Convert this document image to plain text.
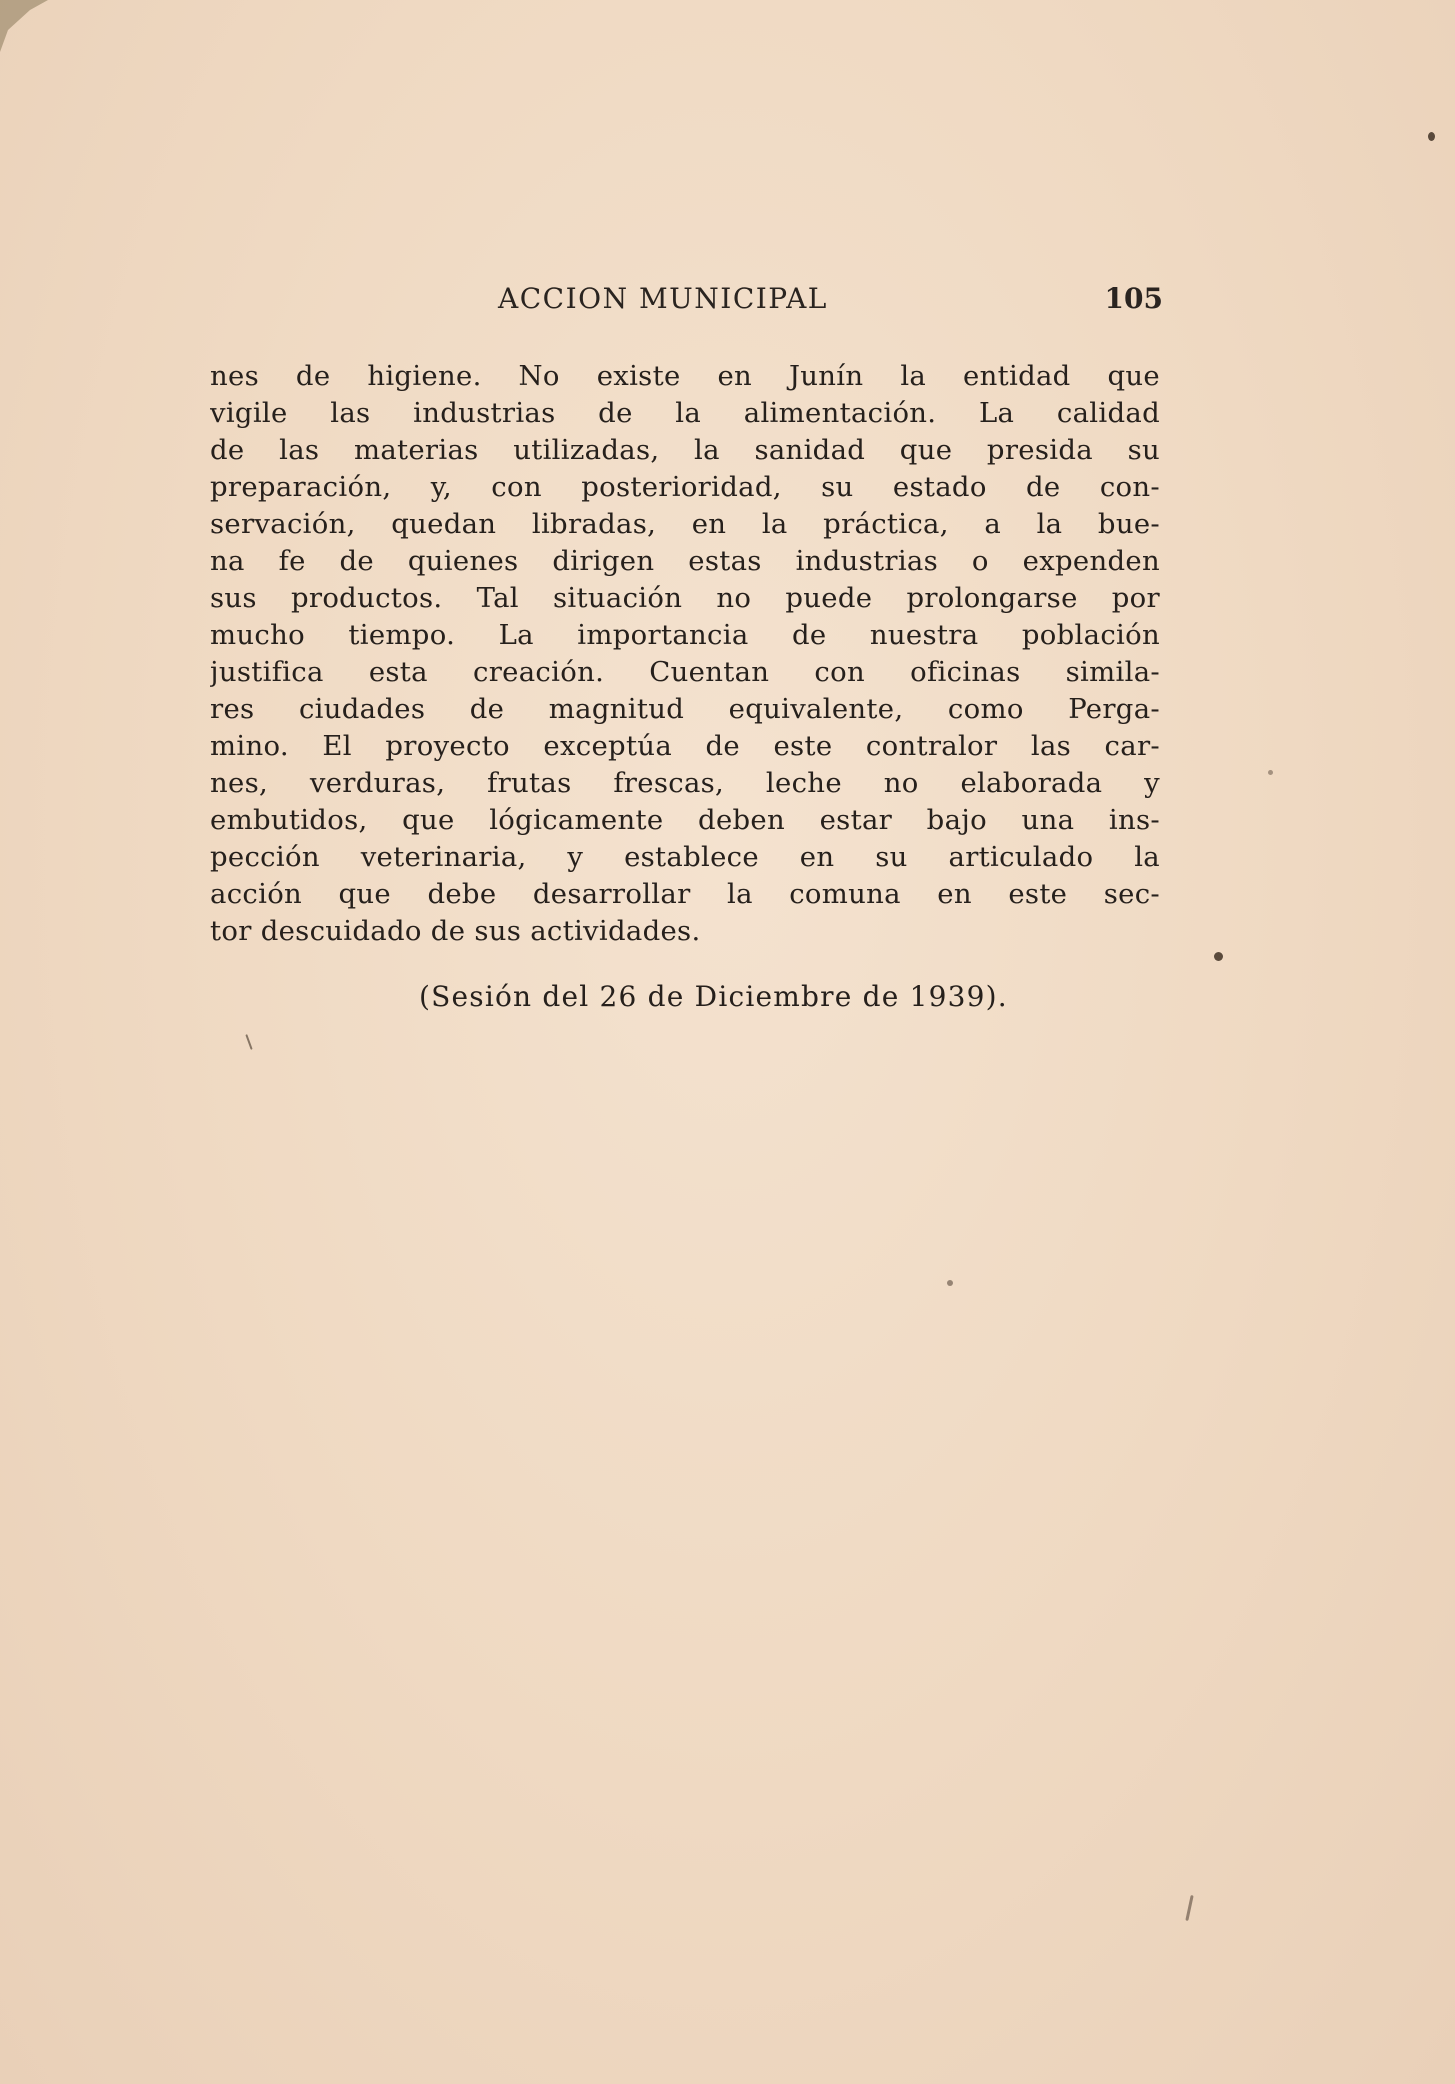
ACCION MUNICIPAL	105
nes de higiene. No existe en Junín la entidad que
vigile las industrias de la alimentación. La calidad
de las materias utilizadas, la sanidad que presida su
preparación, y, con posterioridad, su estado de con-
servación, quedan libradas, en la práctica, a la bue-
na fe de quienes dirigen estas industrias o expenden
sus productos. Tal situación no puede prolongarse por
mucho tiempo. La importancia de nuestra población
justifica esta creación. Cuentan con oficinas simila-
res ciudades de magnitud equivalente, como Perga-
mino. El proyecto exceptúa de este contralor las car-
nes, verduras, frutas frescas, leche no elaborada y
embutidos, que lógicamente deben estar bajo una ins-
pección veterinaria, y establece en su articulado la
acción que debe desarrollar la comuna en este sec-
tor descuidado de sus actividades.
(Sesión del 26 de Diciembre de 1939).
